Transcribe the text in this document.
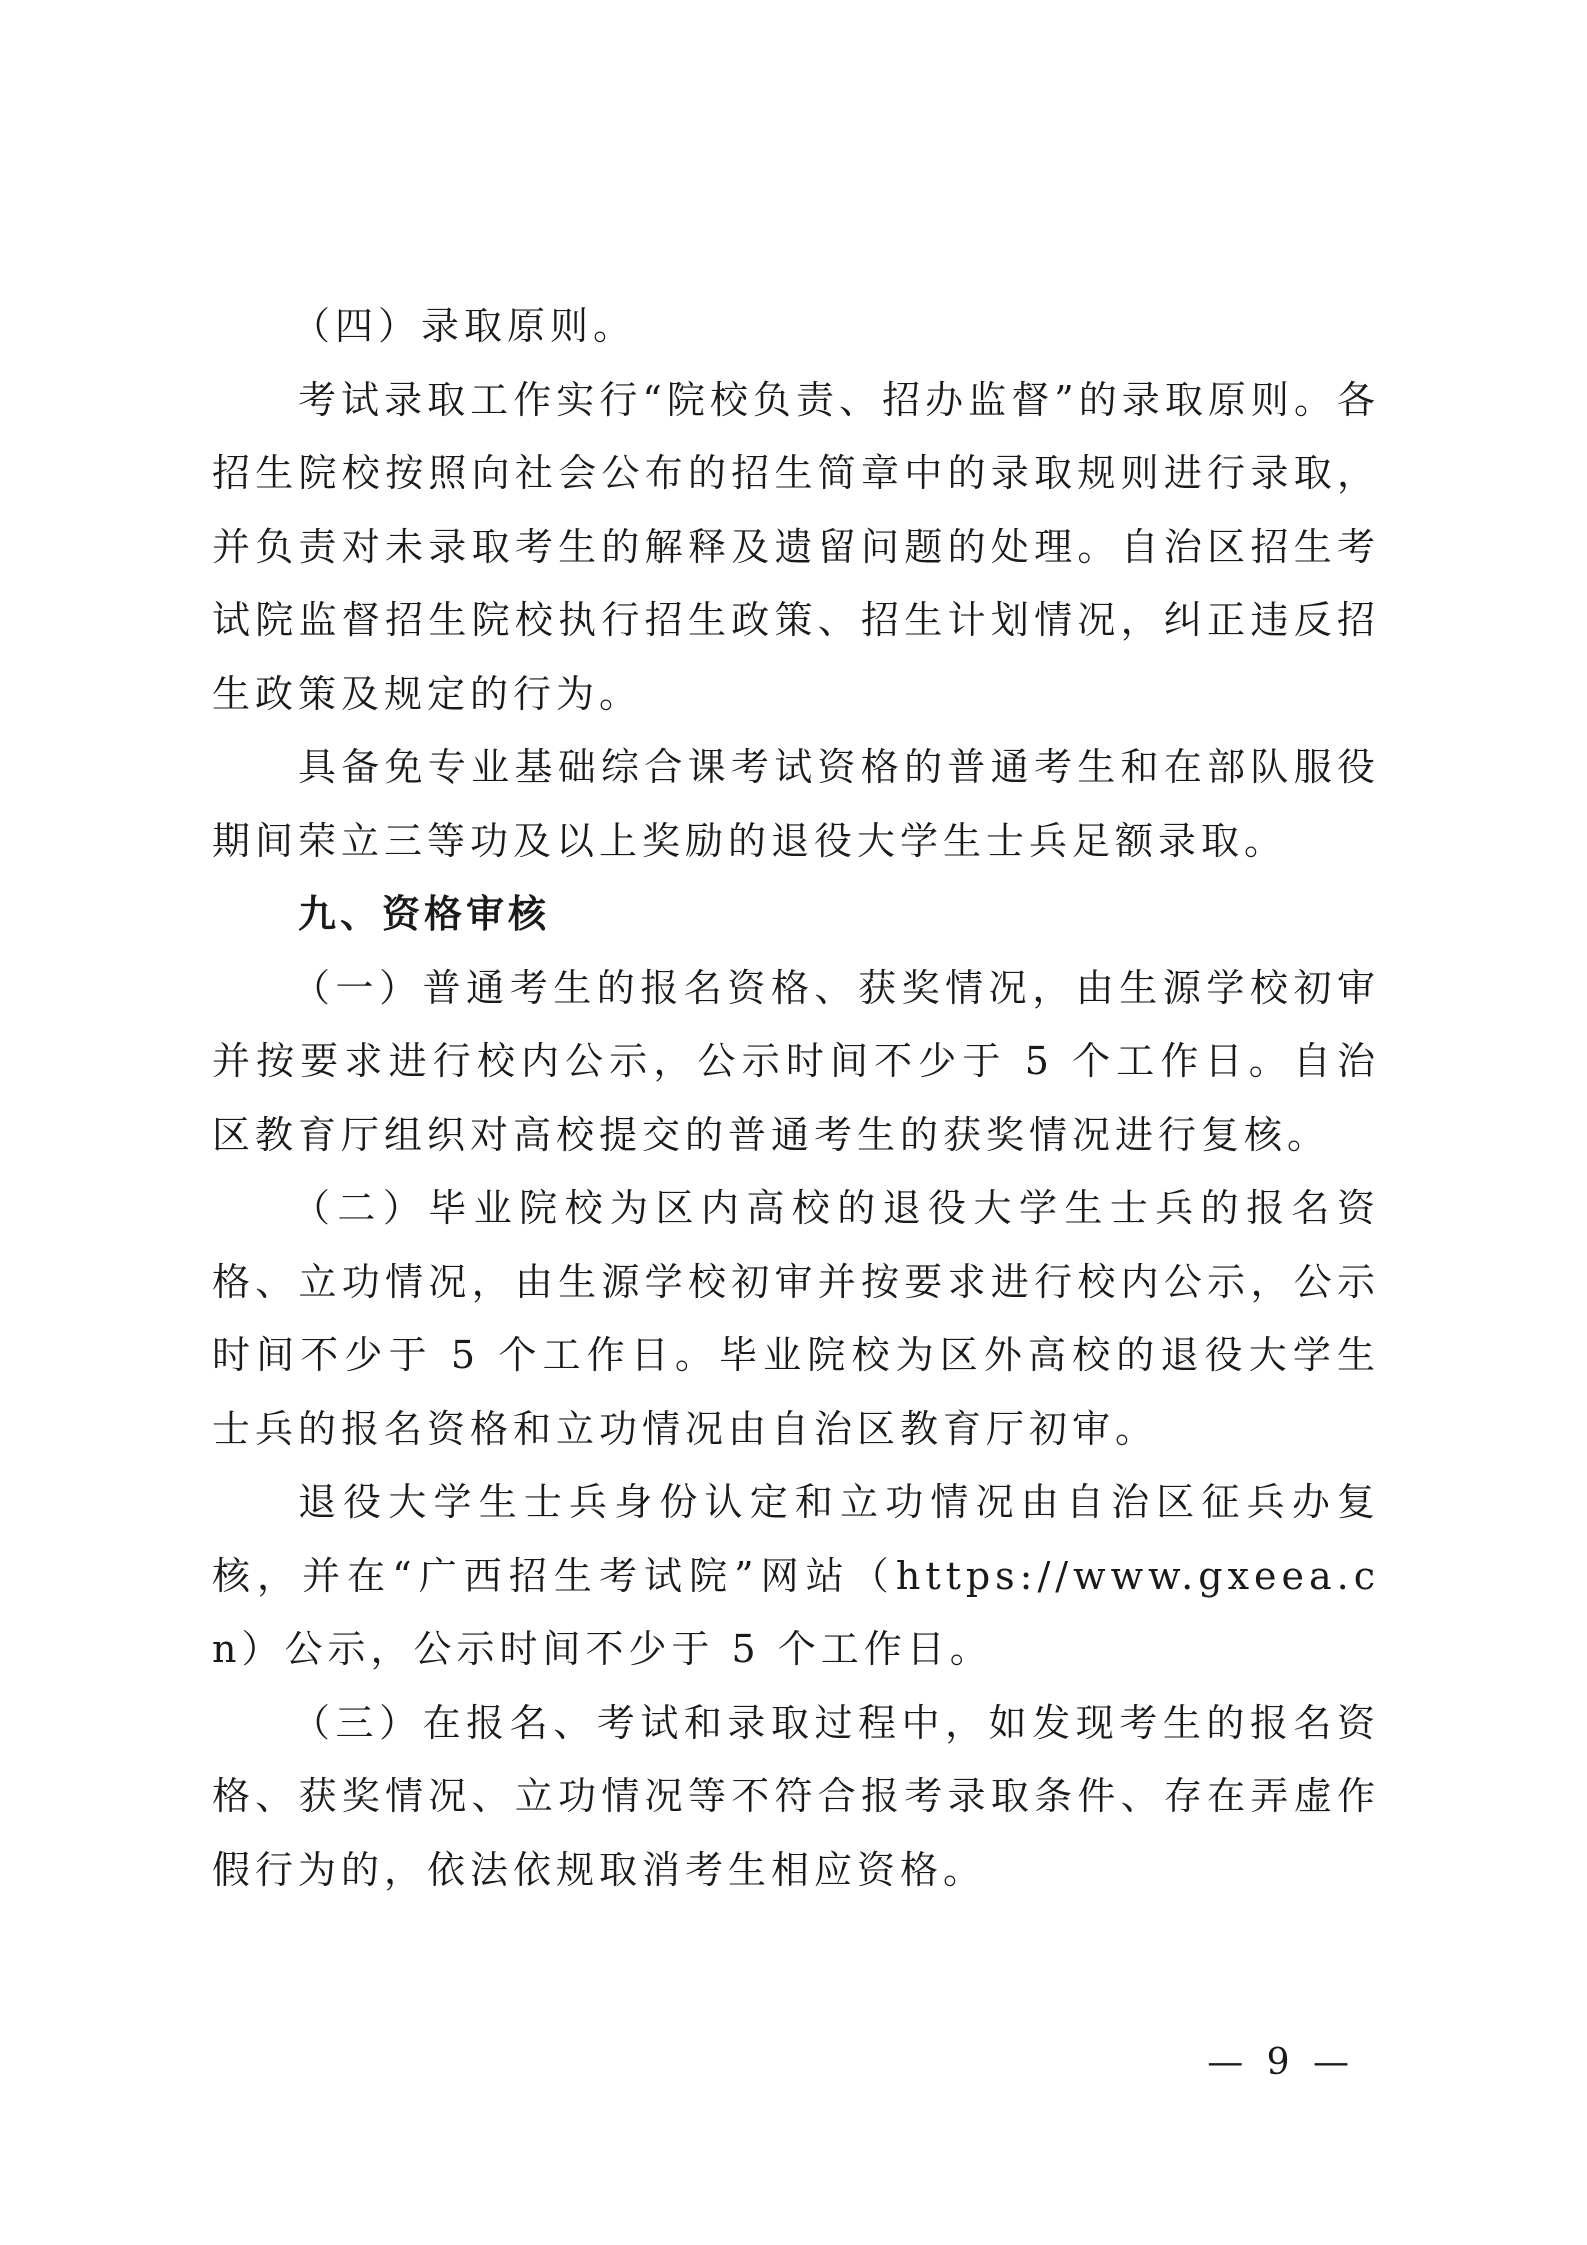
（四）录取原则。

考试录取工作实行“院校负责、招办监督”的录取原则。各招生院校按照向社会公布的招生简章中的录取规则进行录取，并负责对未录取考生的解释及遗留问题的处理。自治区招生考试院监督招生院校执行招生政策、招生计划情况，纠正违反招生政策及规定的行为。

具备免专业基础综合课考试资格的普通考生和在部队服役期间荣立三等功及以上奖励的退役大学生士兵足额录取。

九、资格审核

（一）普通考生的报名资格、获奖情况，由生源学校初审并按要求进行校内公示，公示时间不少于 5 个工作日。自治区教育厅组织对高校提交的普通考生的获奖情况进行复核。

（二）毕业院校为区内高校的退役大学生士兵的报名资格、立功情况，由生源学校初审并按要求进行校内公示，公示时间不少于 5 个工作日。毕业院校为区外高校的退役大学生士兵的报名资格和立功情况由自治区教育厅初审。

退役大学生士兵身份认定和立功情况由自治区征兵办复核，并在“广西招生考试院”网站（https://www.gxeea.cn）公示，公示时间不少于 5 个工作日。

（三）在报名、考试和录取过程中，如发现考生的报名资格、获奖情况、立功情况等不符合报考录取条件、存在弄虚作假行为的，依法依规取消考生相应资格。

— 9 —
